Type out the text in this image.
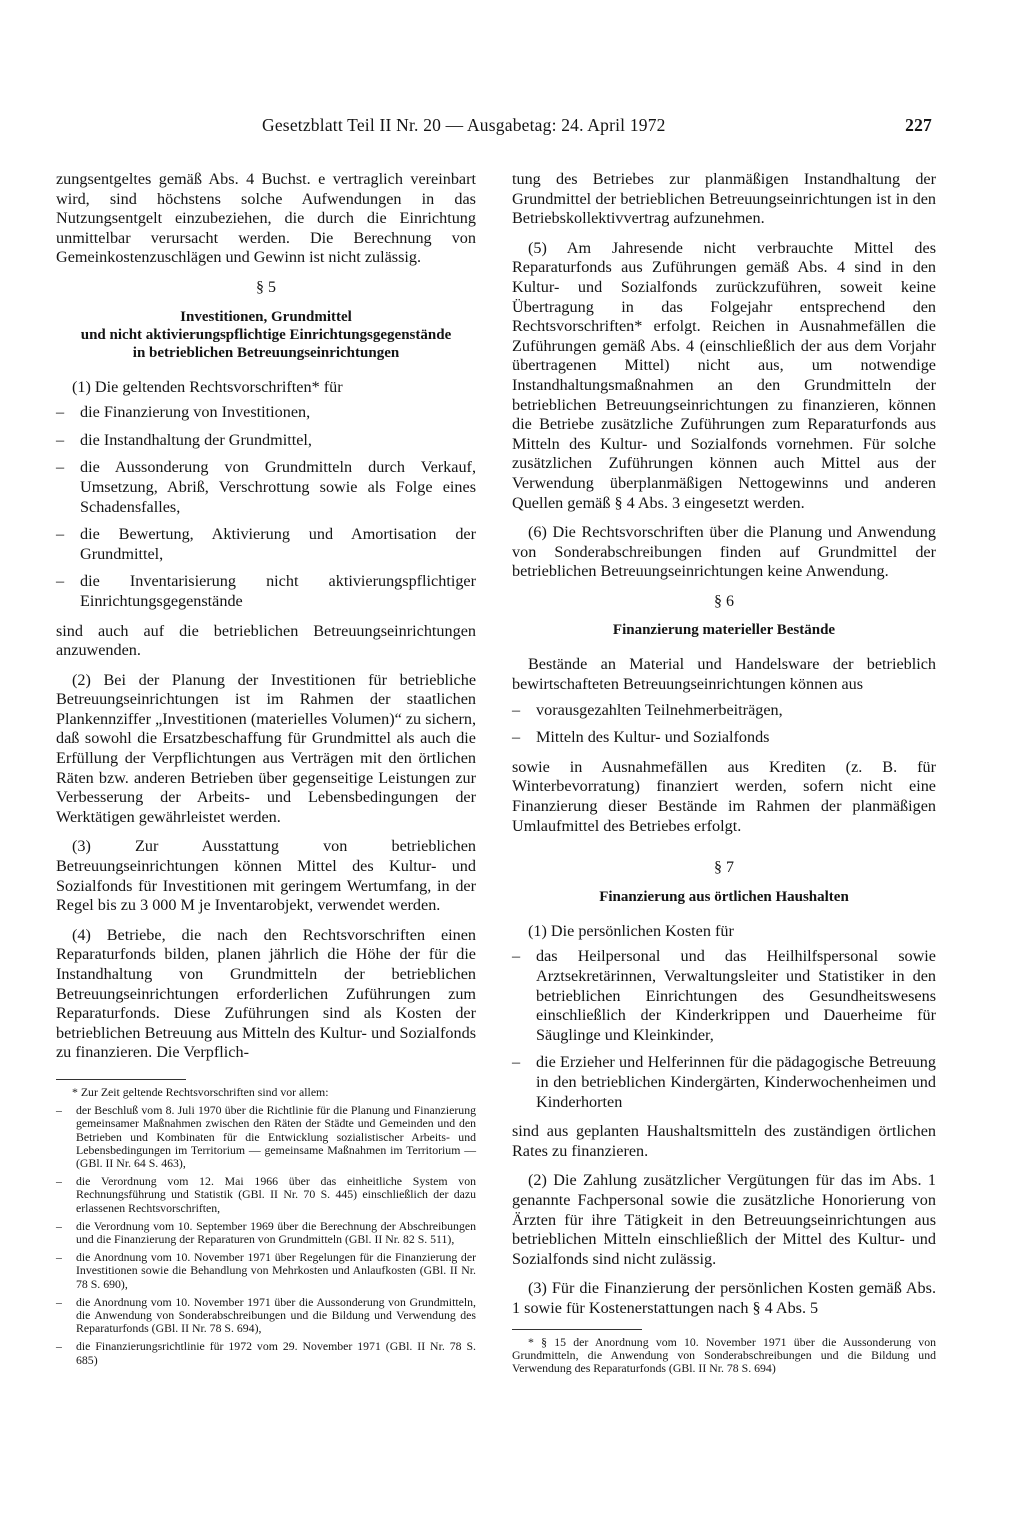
Gesetzblatt Teil II Nr. 20 — Ausgabetag: 24. April 1972	227

zungsentgeltes gemäß Abs. 4 Buchst. e vertraglich vereinbart wird, sind höchstens solche Aufwendungen in das Nutzungsentgelt einzubeziehen, die durch die Einrichtung unmittelbar verursacht werden. Die Berechnung von Gemeinkostenzuschlägen und Gewinn ist nicht zulässig.

§ 5
Investitionen, Grundmittel
und nicht aktivierungspflichtige Einrichtungsgegenstände
in betrieblichen Betreuungseinrichtungen

(1) Die geltenden Rechtsvorschriften* für

– die Finanzierung von Investitionen,
– die Instandhaltung der Grundmittel,
– die Aussonderung von Grundmitteln durch Verkauf, Umsetzung, Abriß, Verschrottung sowie als Folge eines Schadensfalles,
– die Bewertung, Aktivierung und Amortisation der Grundmittel,
– die Inventarisierung nicht aktivierungspflichtiger Einrichtungsgegenstände

sind auch auf die betrieblichen Betreuungseinrichtungen anzuwenden.

(2) Bei der Planung der Investitionen für betriebliche Betreuungseinrichtungen ist im Rahmen der staatlichen Plankennziffer „Investitionen (materielles Volumen)“ zu sichern, daß sowohl die Ersatzbeschaffung für Grundmittel als auch die Erfüllung der Verpflichtungen aus Verträgen mit den örtlichen Räten bzw. anderen Betrieben über gegenseitige Leistungen zur Verbesserung der Arbeits- und Lebensbedingungen der Werktätigen gewährleistet werden.

(3) Zur Ausstattung von betrieblichen Betreuungseinrichtungen können Mittel des Kultur- und Sozialfonds für Investitionen mit geringem Wertumfang, in der Regel bis zu 3 000 M je Inventarobjekt, verwendet werden.

(4) Betriebe, die nach den Rechtsvorschriften einen Reparaturfonds bilden, planen jährlich die Höhe der für die Instandhaltung von Grundmitteln der betrieblichen Betreuungseinrichtungen erforderlichen Zuführungen zum Reparaturfonds. Diese Zuführungen sind als Kosten der betrieblichen Betreuung aus Mitteln des Kultur- und Sozialfonds zu finanzieren. Die Verpflich-

* Zur Zeit geltende Rechtsvorschriften sind vor allem:

– der Beschluß vom 8. Juli 1970 über die Richtlinie für die Planung und Finanzierung gemeinsamer Maßnahmen zwischen den Räten der Städte und Gemeinden und den Betrieben und Kombinaten für die Entwicklung sozialistischer Arbeits- und Lebensbedingungen im Territorium — gemeinsame Maßnahmen im Territorium — (GBl. II Nr. 64 S. 463),
– die Verordnung vom 12. Mai 1966 über das einheitliche System von Rechnungsführung und Statistik (GBl. II Nr. 70 S. 445) einschließlich der dazu erlassenen Rechtsvorschriften,
– die Verordnung vom 10. September 1969 über die Berechnung der Abschreibungen und die Finanzierung der Reparaturen von Grundmitteln (GBl. II Nr. 82 S. 511),
– die Anordnung vom 10. November 1971 über Regelungen für die Finanzierung der Investitionen sowie die Behandlung von Mehrkosten und Anlaufkosten (GBl. II Nr. 78 S. 690),
– die Anordnung vom 10. November 1971 über die Aussonderung von Grundmitteln, die Anwendung von Sonderabschreibungen und die Bildung und Verwendung des Reparaturfonds (GBl. II Nr. 78 S. 694),
– die Finanzierungsrichtlinie für 1972 vom 29. November 1971 (GBl. II Nr. 78 S. 685)

tung des Betriebes zur planmäßigen Instandhaltung der Grundmittel der betrieblichen Betreuungseinrichtungen ist in den Betriebskollektivvertrag aufzunehmen.

(5) Am Jahresende nicht verbrauchte Mittel des Reparaturfonds aus Zuführungen gemäß Abs. 4 sind in den Kultur- und Sozialfonds zurückzuführen, soweit keine Übertragung in das Folgejahr entsprechend den Rechtsvorschriften* erfolgt. Reichen in Ausnahmefällen die Zuführungen gemäß Abs. 4 (einschließlich der aus dem Vorjahr übertragenen Mittel) nicht aus, um notwendige Instandhaltungsmaßnahmen an den Grundmitteln der betrieblichen Betreuungseinrichtungen zu finanzieren, können die Betriebe zusätzliche Zuführungen zum Reparaturfonds aus Mitteln des Kultur- und Sozialfonds vornehmen. Für solche zusätzlichen Zuführungen können auch Mittel aus der Verwendung überplanmäßigen Nettogewinns und anderen Quellen gemäß § 4 Abs. 3 eingesetzt werden.

(6) Die Rechtsvorschriften über die Planung und Anwendung von Sonderabschreibungen finden auf Grundmittel der betrieblichen Betreuungseinrichtungen keine Anwendung.

§ 6
Finanzierung materieller Bestände

Bestände an Material und Handelsware der betrieblich bewirtschafteten Betreuungseinrichtungen können aus

– vorausgezahlten Teilnehmerbeiträgen,
– Mitteln des Kultur- und Sozialfonds

sowie in Ausnahmefällen aus Krediten (z. B. für Winterbevorratung) finanziert werden, sofern nicht eine Finanzierung dieser Bestände im Rahmen der planmäßigen Umlaufmittel des Betriebes erfolgt.

§ 7
Finanzierung aus örtlichen Haushalten

(1) Die persönlichen Kosten für

– das Heilpersonal und das Heilhilfspersonal sowie Arztsekretärinnen, Verwaltungsleiter und Statistiker in den betrieblichen Einrichtungen des Gesundheitswesens einschließlich der Kinderkrippen und Dauerheime für Säuglinge und Kleinkinder,
– die Erzieher und Helferinnen für die pädagogische Betreuung in den betrieblichen Kindergärten, Kinderwochenheimen und Kinderhorten

sind aus geplanten Haushaltsmitteln des zuständigen örtlichen Rates zu finanzieren.

(2) Die Zahlung zusätzlicher Vergütungen für das im Abs. 1 genannte Fachpersonal sowie die zusätzliche Honorierung von Ärzten für ihre Tätigkeit in den Betreuungseinrichtungen aus betrieblichen Mitteln einschließlich der Mittel des Kultur- und Sozialfonds sind nicht zulässig.

(3) Für die Finanzierung der persönlichen Kosten gemäß Abs. 1 sowie für Kostenerstattungen nach § 4 Abs. 5

* § 15 der Anordnung vom 10. November 1971 über die Aussonderung von Grundmitteln, die Anwendung von Sonderabschreibungen und die Bildung und Verwendung des Reparaturfonds (GBl. II Nr. 78 S. 694)
